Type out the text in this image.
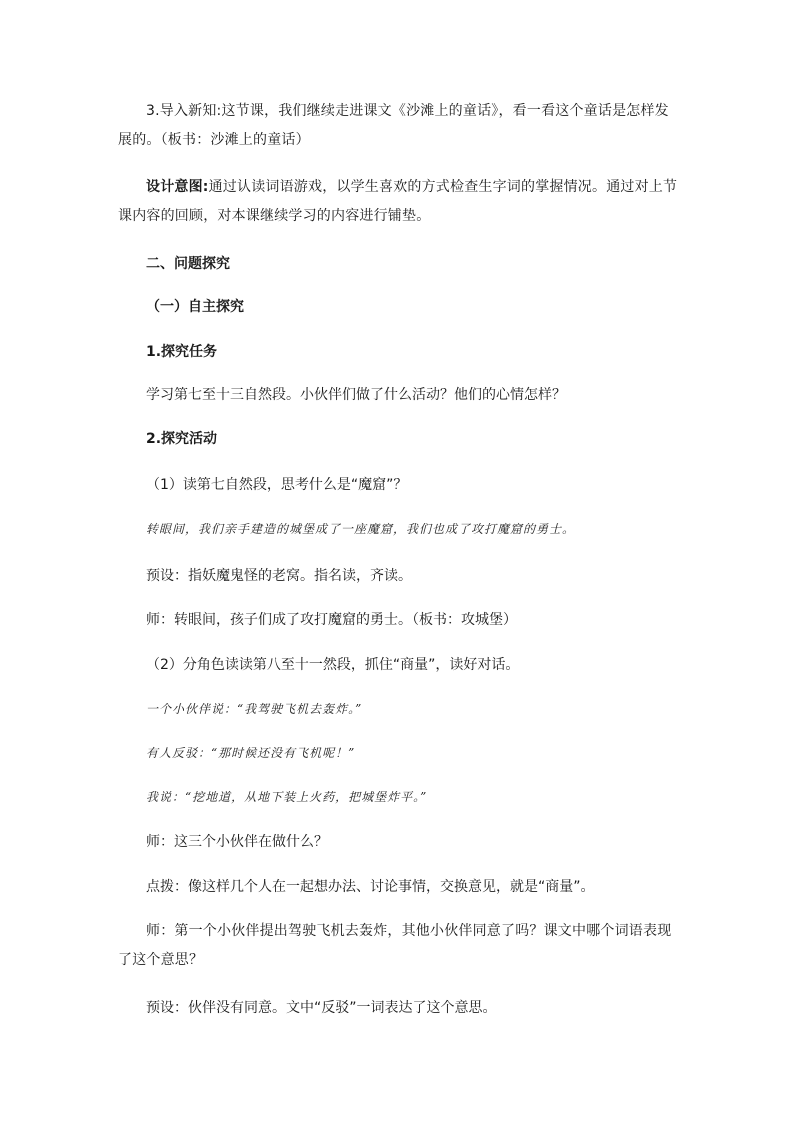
3.导入新知:这节课，我们继续走进课文《沙滩上的童话》，看一看这个童话是怎样发展的。（板书：沙滩上的童话）
设计意图:通过认读词语游戏，以学生喜欢的方式检查生字词的掌握情况。通过对上节课内容的回顾，对本课继续学习的内容进行铺垫。
二、问题探究
（一）自主探究
1.探究任务
学习第七至十三自然段。小伙伴们做了什么活动？他们的心情怎样？
2.探究活动
（1）读第七自然段，思考什么是“魔窟”？
转眼间，我们亲手建造的城堡成了一座魔窟，我们也成了攻打魔窟的勇士。
预设：指妖魔鬼怪的老窝。指名读，齐读。
师：转眼间，孩子们成了攻打魔窟的勇士。（板书：攻城堡）
（2）分角色读读第八至十一然段，抓住“商量”，读好对话。
一个小伙伴说：“我驾驶飞机去轰炸。”
有人反驳：“那时候还没有飞机呢！”
我说：“挖地道，从地下装上火药，把城堡炸平。”
师：这三个小伙伴在做什么？
点拨：像这样几个人在一起想办法、讨论事情，交换意见，就是“商量”。
师：第一个小伙伴提出驾驶飞机去轰炸，其他小伙伴同意了吗？课文中哪个词语表现了这个意思？
预设：伙伴没有同意。文中“反驳”一词表达了这个意思。
